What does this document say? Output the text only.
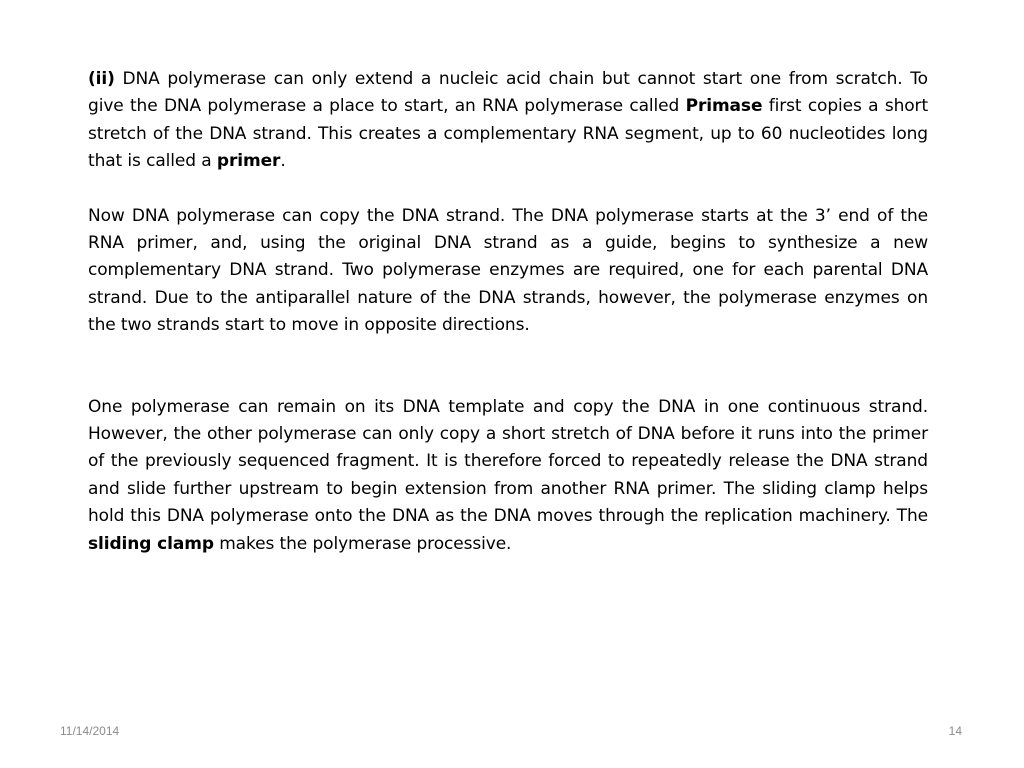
(ii) DNA polymerase can only extend a nucleic acid chain but cannot start one from scratch. To give the DNA polymerase a place to start, an RNA polymerase called Primase first copies a short stretch of the DNA strand. This creates a complementary RNA segment, up to 60 nucleotides long that is called a primer.

Now DNA polymerase can copy the DNA strand. The DNA polymerase starts at the 3’ end of the RNA primer, and, using the original DNA strand as a guide, begins to synthesize a new complementary DNA strand. Two polymerase enzymes are required, one for each parental DNA strand. Due to the antiparallel nature of the DNA strands, however, the polymerase enzymes on the two strands start to move in opposite directions.

One polymerase can remain on its DNA template and copy the DNA in one continuous strand. However, the other polymerase can only copy a short stretch of DNA before it runs into the primer of the previously sequenced fragment. It is therefore forced to repeatedly release the DNA strand and slide further upstream to begin extension from another RNA primer. The sliding clamp helps hold this DNA polymerase onto the DNA as the DNA moves through the replication machinery. The sliding clamp makes the polymerase processive.

11/14/2014	14
